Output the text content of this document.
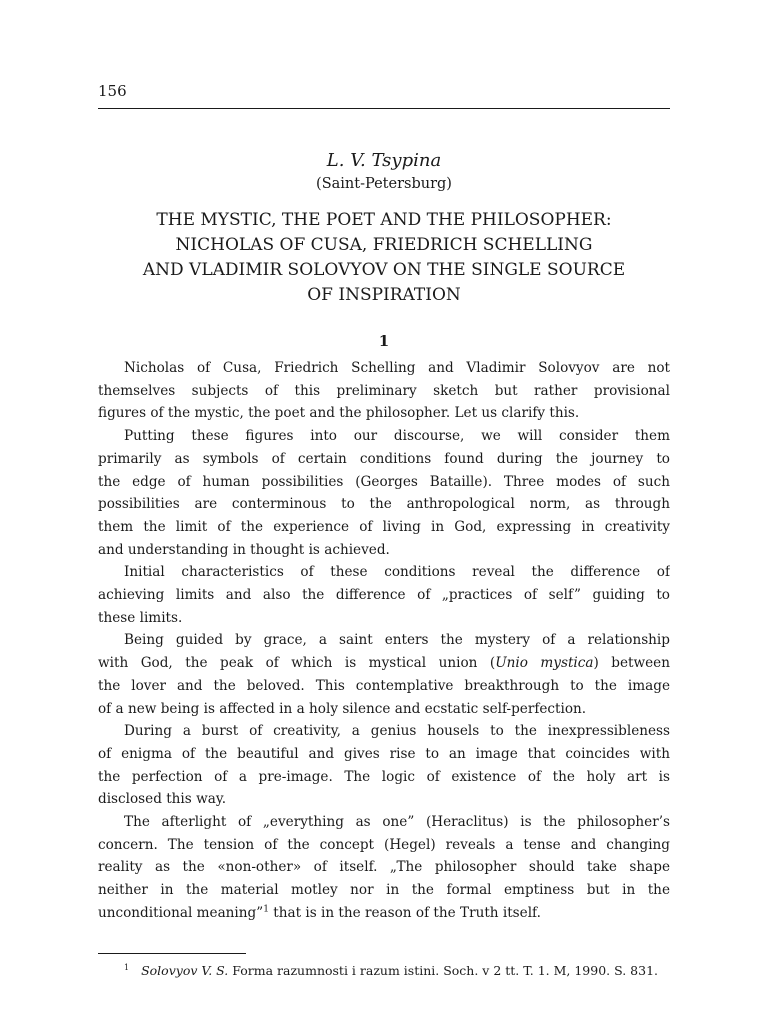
156
L. V. Tsypina
(Saint-Petersburg)
THE MYSTIC, THE POET AND THE PHILOSOPHER:
NICHOLAS OF CUSA, FRIEDRICH SCHELLING
AND VLADIMIR SOLOVYOV ON THE SINGLE SOURCE
OF INSPIRATION
1

Nicholas of Cusa, Friedrich Schelling and Vladimir Solovyov are not
themselves subjects of this preliminary sketch but rather provisional
figures of the mystic, the poet and the philosopher. Let us clarify this.

Putting these figures into our discourse, we will consider them
primarily as symbols of certain conditions found during the journey to
the edge of human possibilities (Georges Bataille). Three modes of such
possibilities are conterminous to the anthropological norm, as through
them the limit of the experience of living in God, expressing in creativity
and understanding in thought is achieved.

Initial characteristics of these conditions reveal the difference of
achieving limits and also the difference of „practices of self” guiding to
these limits.

Being guided by grace, a saint enters the mystery of a relationship
with God, the peak of which is mystical union (Unio mystica) between
the lover and the beloved. This contemplative breakthrough to the image
of a new being is affected in a holy silence and ecstatic self-perfection.

During a burst of creativity, a genius housels to the inexpressibleness
of enigma of the beautiful and gives rise to an image that coincides with
the perfection of a pre-image. The logic of existence of the holy art is
disclosed this way.

The afterlight of „everything as one” (Heraclitus) is the philosopher’s
concern. The tension of the concept (Hegel) reveals a tense and changing
reality as the «non-other» of itself. „The philosopher should take shape
neither in the material motley nor in the formal emptiness but in the
unconditional meaning”$^1$ that is in the reason of the Truth itself.

$^1$ Solovyov V. S. Forma razumnosti i razum istini. Soch. v 2 tt. T. 1. M, 1990. S. 831.
